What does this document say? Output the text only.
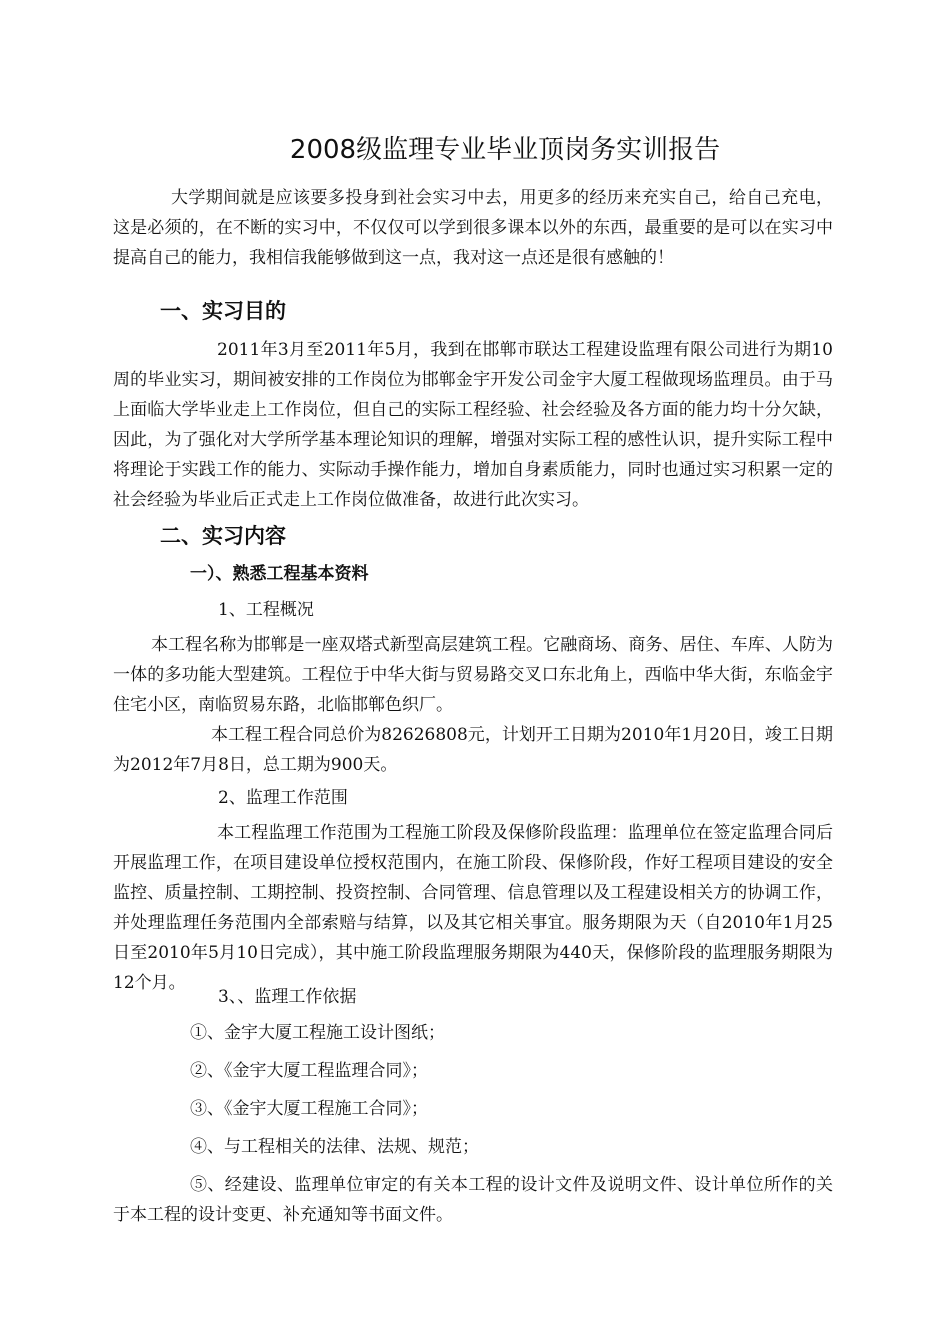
2008级监理专业毕业顶岗务实训报告
大学期间就是应该要多投身到社会实习中去，用更多的经历来充实自己，给自己充电，这是必须的，在不断的实习中，不仅仅可以学到很多课本以外的东西，最重要的是可以在实习中提高自己的能力，我相信我能够做到这一点，我对这一点还是很有感触的！
一、实习目的
2011年3月至2011年5月，我到在邯郸市联达工程建设监理有限公司进行为期10周的毕业实习，期间被安排的工作岗位为邯郸金宇开发公司金宇大厦工程做现场监理员。由于马上面临大学毕业走上工作岗位，但自己的实际工程经验、社会经验及各方面的能力均十分欠缺，因此，为了强化对大学所学基本理论知识的理解，增强对实际工程的感性认识，提升实际工程中将理论于实践工作的能力、实际动手操作能力，增加自身素质能力，同时也通过实习积累一定的社会经验为毕业后正式走上工作岗位做准备，故进行此次实习。
二、实习内容
一）、熟悉工程基本资料
1、工程概况
本工程名称为邯郸是一座双塔式新型高层建筑工程。它融商场、商务、居住、车库、人防为一体的多功能大型建筑。工程位于中华大街与贸易路交叉口东北角上，西临中华大街，东临金宇住宅小区，南临贸易东路，北临邯郸色织厂。
本工程工程合同总价为82626808元，计划开工日期为2010年1月20日，竣工日期为2012年7月8日，总工期为900天。
2、监理工作范围
本工程监理工作范围为工程施工阶段及保修阶段监理：监理单位在签定监理合同后开展监理工作，在项目建设单位授权范围内，在施工阶段、保修阶段，作好工程项目建设的安全监控、质量控制、工期控制、投资控制、合同管理、信息管理以及工程建设相关方的协调工作，并处理监理任务范围内全部索赔与结算，以及其它相关事宜。服务期限为天（自2010年1月25日至2010年5月10日完成），其中施工阶段监理服务期限为440天，保修阶段的监理服务期限为12个月。
3、、监理工作依据
①、金宇大厦工程施工设计图纸；
②、《金宇大厦工程监理合同》；
③、《金宇大厦工程施工合同》；
④、与工程相关的法律、法规、规范；
⑤、经建设、监理单位审定的有关本工程的设计文件及说明文件、设计单位所作的关于本工程的设计变更、补充通知等书面文件。
